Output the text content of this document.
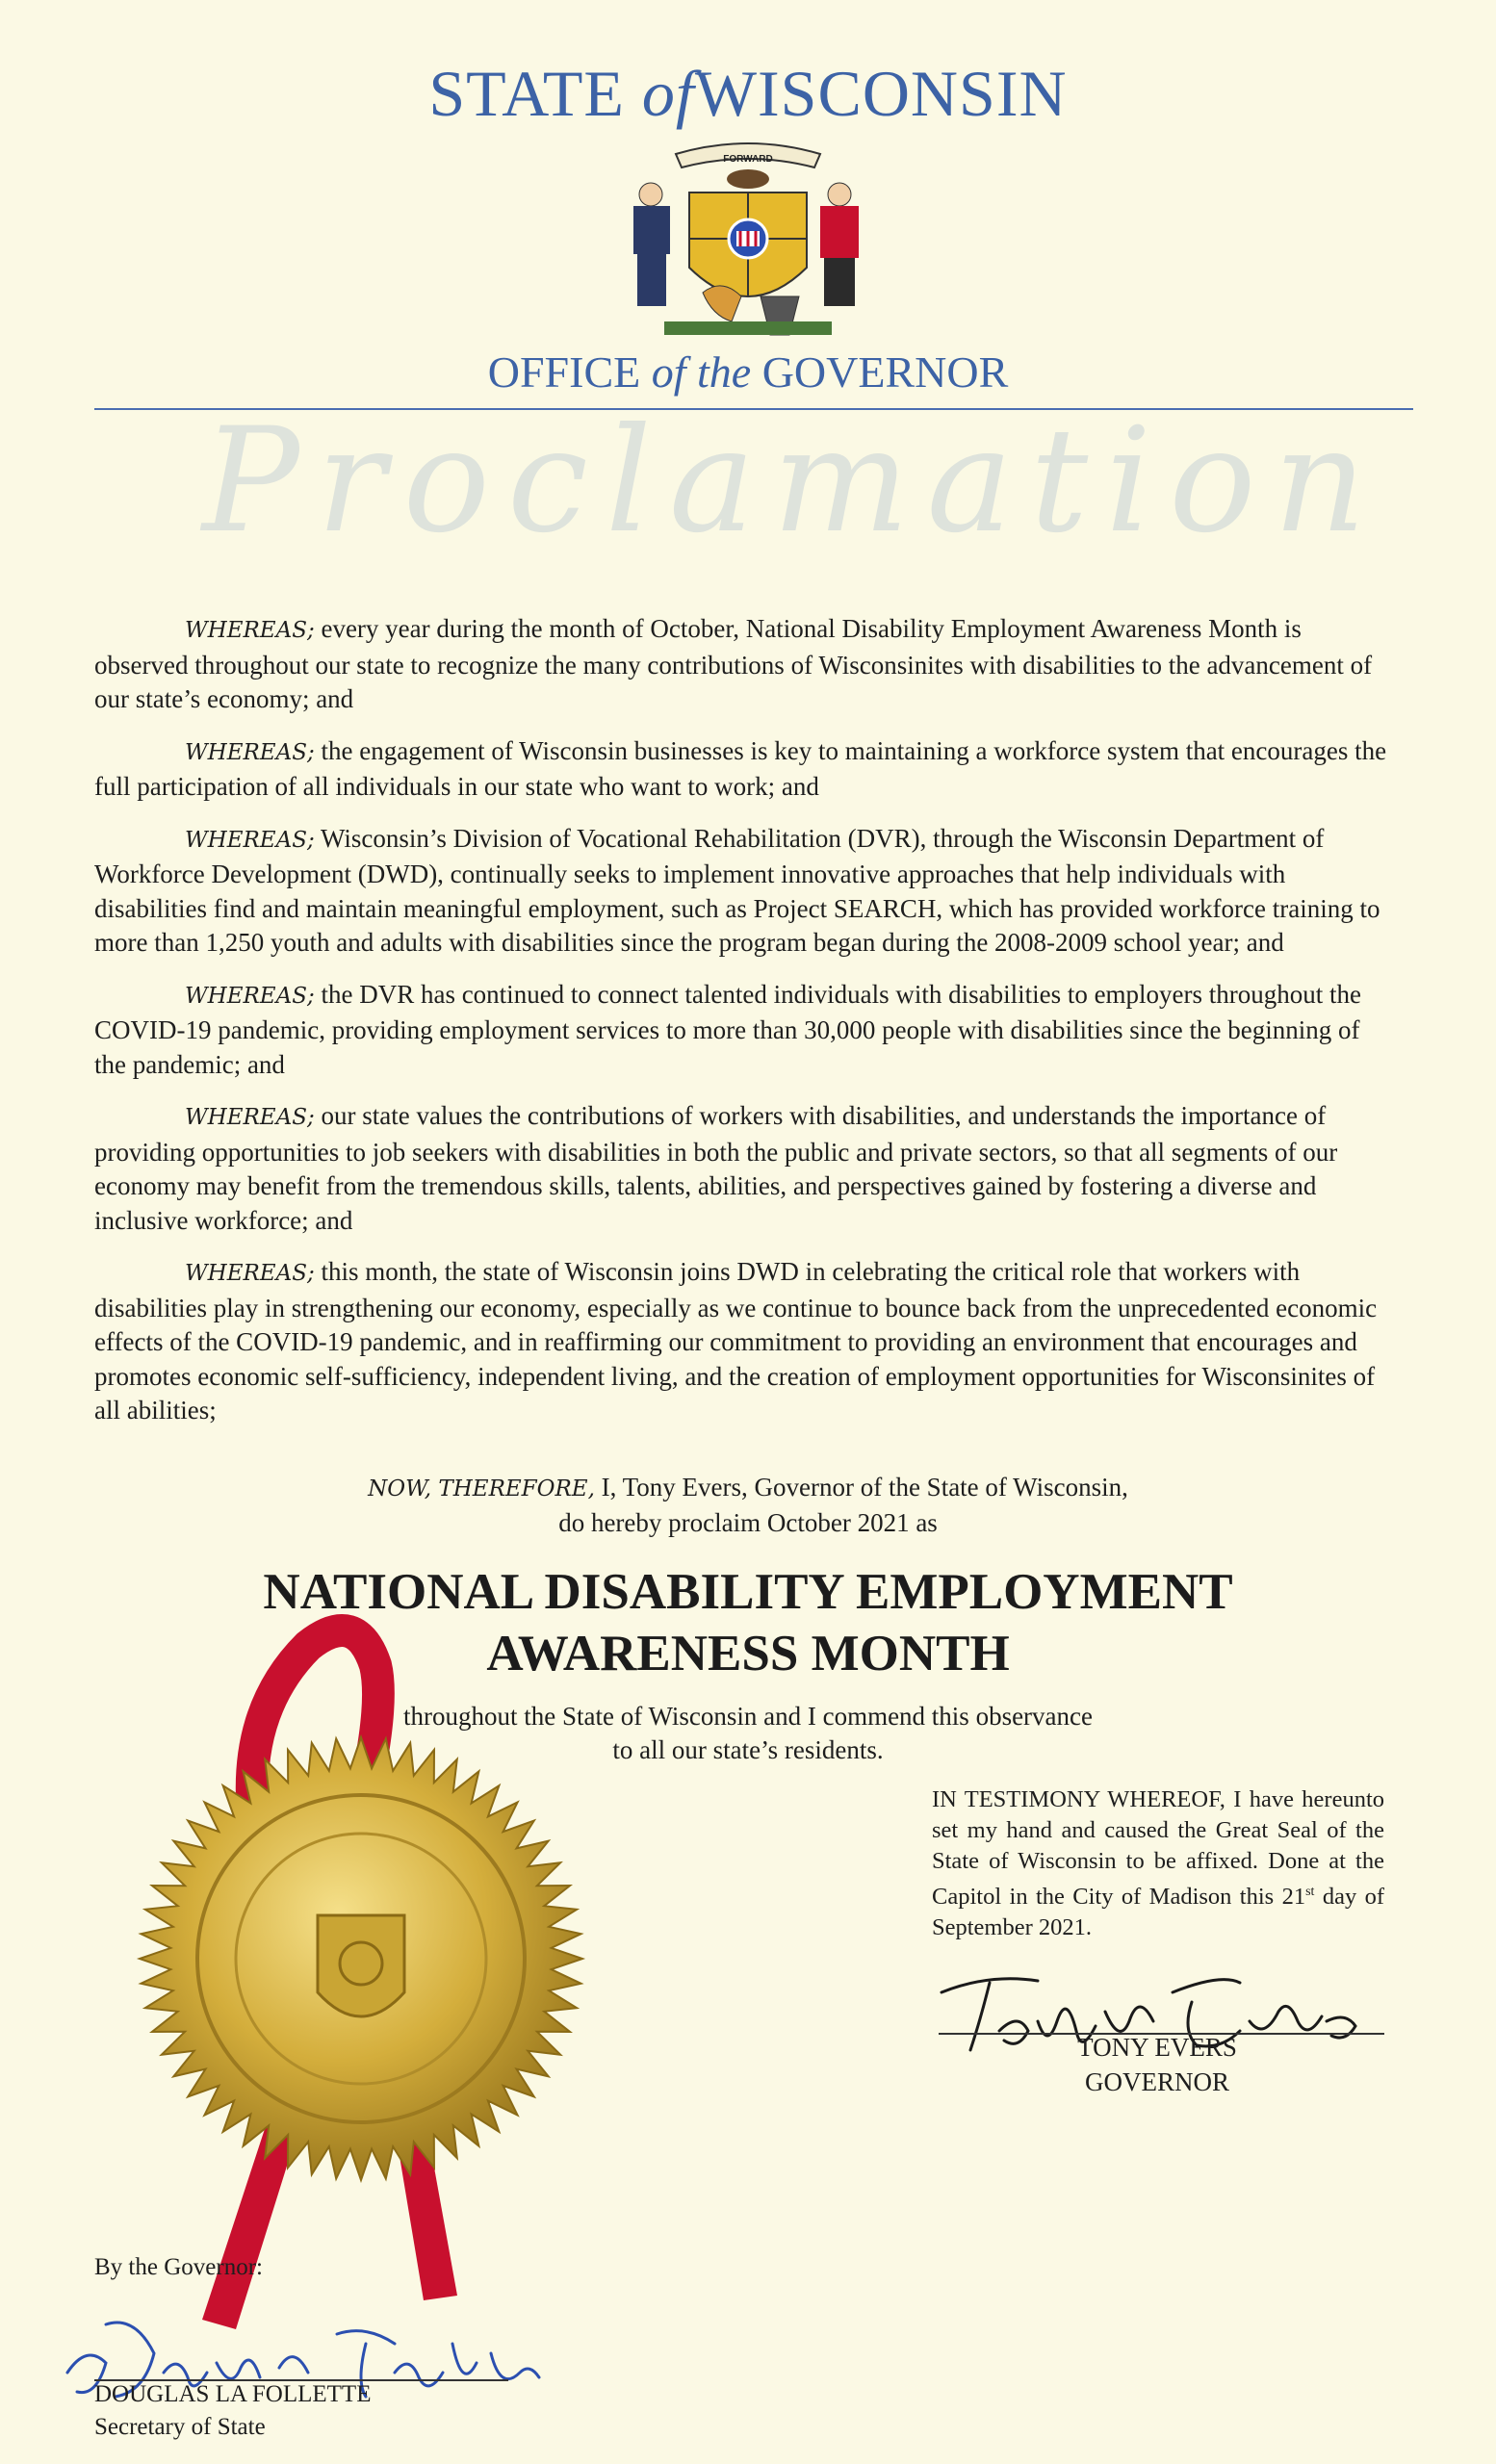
STATE ofWISCONSIN
FORWARD
OFFICE of the GOVERNOR
Proclamation

WHEREAS; every year during the month of October, National Disability Employment Awareness Month is observed throughout our state to recognize the many contributions of Wisconsinites with disabilities to the advancement of our state’s economy; and

WHEREAS; the engagement of Wisconsin businesses is key to maintaining a workforce system that encourages the full participation of all individuals in our state who want to work; and

WHEREAS; Wisconsin’s Division of Vocational Rehabilitation (DVR), through the Wisconsin Department of Workforce Development (DWD), continually seeks to implement innovative approaches that help individuals with disabilities find and maintain meaningful employment, such as Project SEARCH, which has provided workforce training to more than 1,250 youth and adults with disabilities since the program began during the 2008-2009 school year; and

WHEREAS; the DVR has continued to connect talented individuals with disabilities to employers throughout the COVID-19 pandemic, providing employment services to more than 30,000 people with disabilities since the beginning of the pandemic; and

WHEREAS; our state values the contributions of workers with disabilities, and understands the importance of providing opportunities to job seekers with disabilities in both the public and private sectors, so that all segments of our economy may benefit from the tremendous skills, talents, abilities, and perspectives gained by fostering a diverse and inclusive workforce; and

WHEREAS; this month, the state of Wisconsin joins DWD in celebrating the critical role that workers with disabilities play in strengthening our economy, especially as we continue to bounce back from the unprecedented economic effects of the COVID-19 pandemic, and in reaffirming our commitment to providing an environment that encourages and promotes economic self-sufficiency, independent living, and the creation of employment opportunities for Wisconsinites of all abilities;

NOW, THEREFORE, I, Tony Evers, Governor of the State of Wisconsin,
do hereby proclaim October 2021 as
NATIONAL DISABILITY EMPLOYMENT
AWARENESS MONTH
throughout the State of Wisconsin and I commend this observance
to all our state’s residents.
IN TESTIMONY WHEREOF, I have hereunto set my hand and caused the Great Seal of the State of Wisconsin to be affixed. Done at the Capitol in the City of Madison this 21st day of September 2021.
TONY EVERS
GOVERNOR
By the Governor:
DOUGLAS LA FOLLETTE
Secretary of State
